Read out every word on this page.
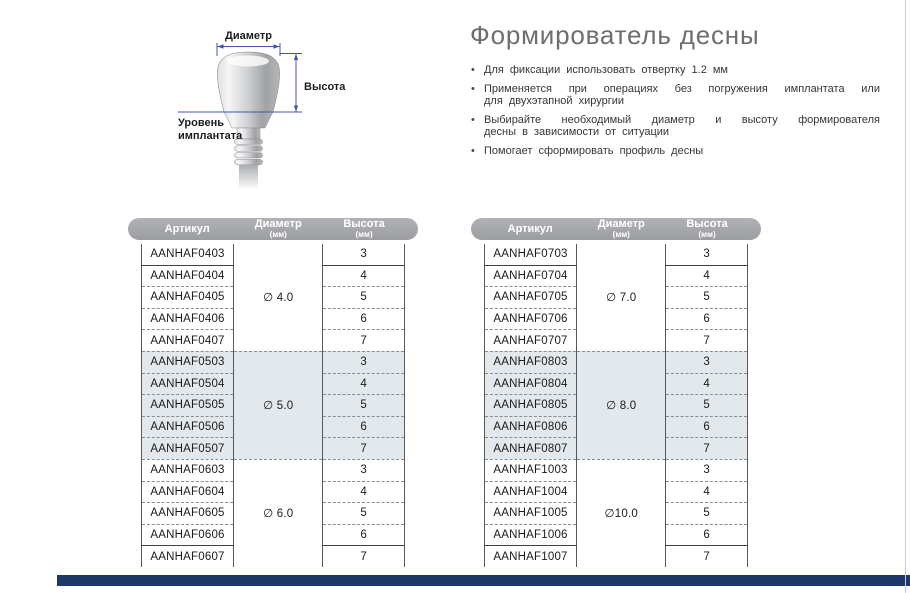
Диаметр
Высота
Уровень
имплантата
Формирователь десны
• Для фиксации использовать отвертку 1.2 мм
• Применяется при операциях без погружения имплантата или
для двухэтапной хирургии
• Выбирайте необходимый диаметр и высоту формирователя
десны в зависимости от ситуации
• Помогает сформировать профиль десны
Артикул	Диаметр
(мм)
Высота
(мм)
AANHAF0403	∅ 4.0	3
AANHAF0404		4
AANHAF0405		5
AANHAF0406		6
AANHAF0407		7
AANHAF0503	∅ 5.0	3
AANHAF0504		4
AANHAF0505		5
AANHAF0506		6
AANHAF0507		7
AANHAF0603	∅ 6.0	3
AANHAF0604		4
AANHAF0605		5
AANHAF0606		6
AANHAF0607		7
Артикул	Диаметр
(мм)
Высота
(мм)
AANHAF0703	∅ 7.0	3
AANHAF0704		4
AANHAF0705		5
AANHAF0706		6
AANHAF0707		7
AANHAF0803	∅ 8.0	3
AANHAF0804		4
AANHAF0805		5
AANHAF0806		6
AANHAF0807		7
AANHAF1003	∅10.0	3
AANHAF1004		4
AANHAF1005		5
AANHAF1006		6
AANHAF1007		7
